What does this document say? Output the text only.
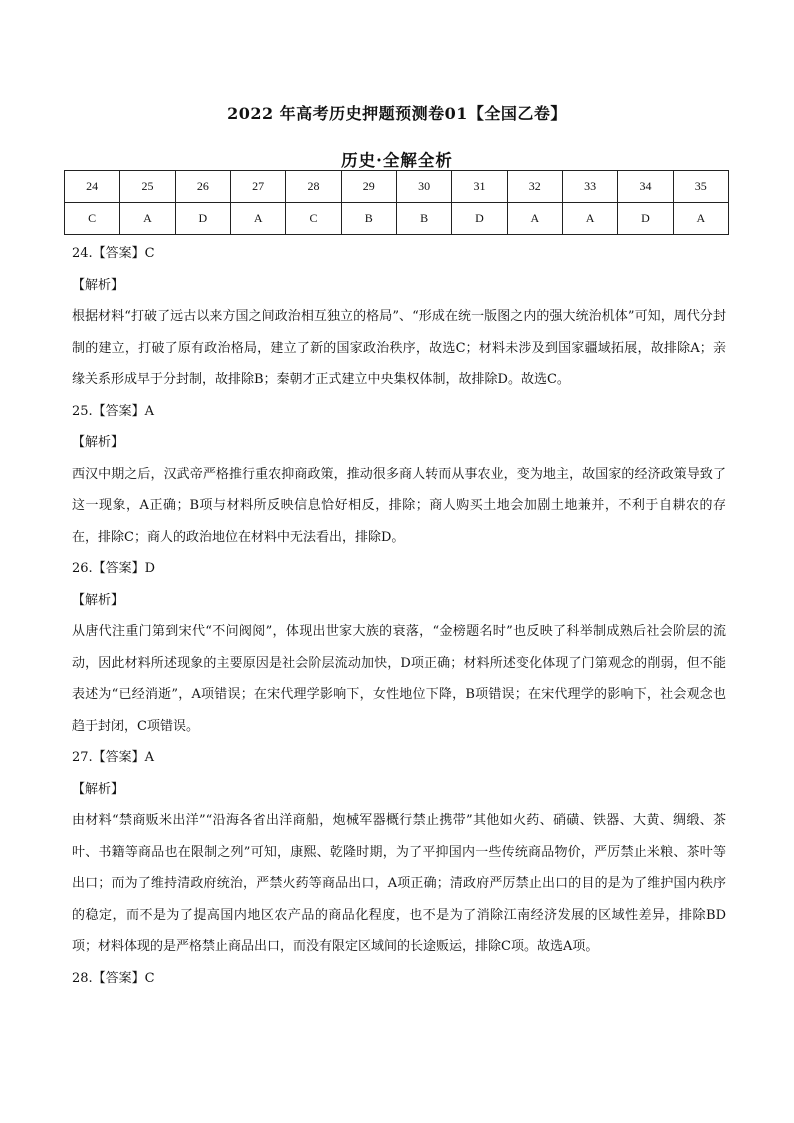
2022 年高考历史押题预测卷01【全国乙卷】
历史·全解全析
24	25	26	27	28	29	30	31	32	33	34	35
C	A	D	A	C	B	B	D	A	A	D	A

24.【答案】C

【解析】

根据材料“打破了远古以来方国之间政治相互独立的格局”、“形成在统一版图之内的强大统治机体”可知，周代分封制的建立，打破了原有政治格局，建立了新的国家政治秩序，故选C；材料未涉及到国家疆域拓展，故排除A；亲缘关系形成早于分封制，故排除B；秦朝才正式建立中央集权体制，故排除D。故选C。

25.【答案】A

【解析】

西汉中期之后，汉武帝严格推行重农抑商政策，推动很多商人转而从事农业，变为地主，故国家的经济政策导致了这一现象，A正确；B项与材料所反映信息恰好相反，排除；商人购买土地会加剧土地兼并，不利于自耕农的存在，排除C；商人的政治地位在材料中无法看出，排除D。

26.【答案】D

【解析】

从唐代注重门第到宋代“不问阀阅”，体现出世家大族的衰落，“金榜题名时”也反映了科举制成熟后社会阶层的流动，因此材料所述现象的主要原因是社会阶层流动加快，D项正确；材料所述变化体现了门第观念的削弱，但不能表述为“已经消逝”，A项错误；在宋代理学影响下，女性地位下降，B项错误；在宋代理学的影响下，社会观念也趋于封闭，C项错误。

27.【答案】A

【解析】

由材料“禁商贩米出洋”“沿海各省出洋商船，炮械军器概行禁止携带”其他如火药、硝磺、铁器、大黄、绸缎、茶叶、书籍等商品也在限制之列”可知，康熙、乾隆时期，为了平抑国内一些传统商品物价，严厉禁止米粮、茶叶等出口；而为了维持清政府统治，严禁火药等商品出口，A项正确；清政府严厉禁止出口的目的是为了维护国内秩序的稳定，而不是为了提高国内地区农产品的商品化程度，也不是为了消除江南经济发展的区域性差异，排除BD项；材料体现的是严格禁止商品出口，而没有限定区域间的长途贩运，排除C项。故选A项。

28.【答案】C
